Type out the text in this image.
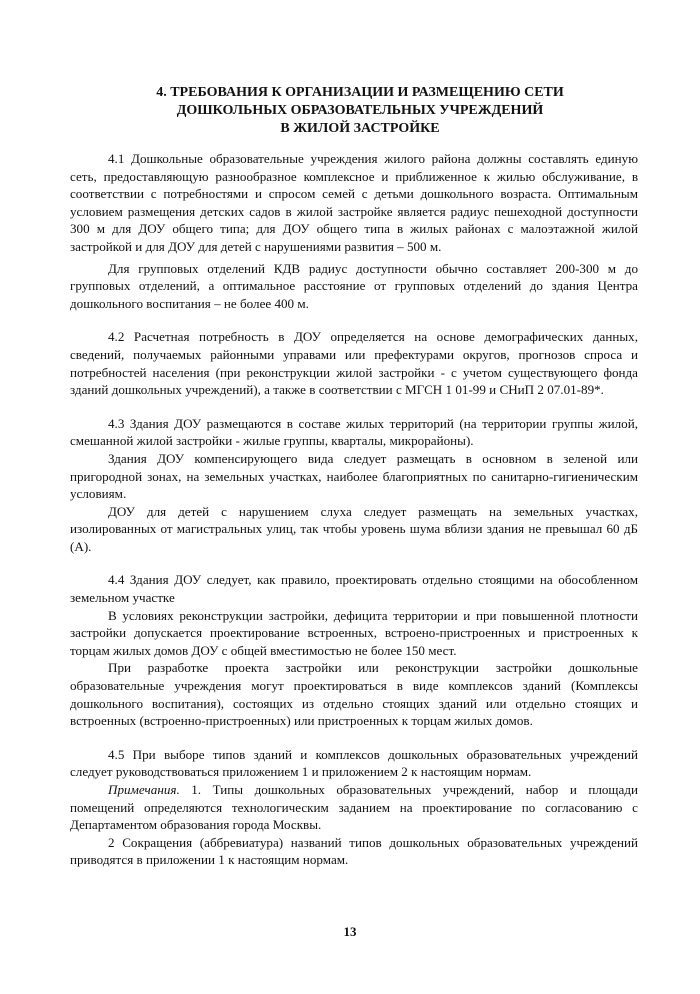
4. ТРЕБОВАНИЯ К ОРГАНИЗАЦИИ И РАЗМЕЩЕНИЮ СЕТИ
ДОШКОЛЬНЫХ ОБРАЗОВАТЕЛЬНЫХ УЧРЕЖДЕНИЙ
В ЖИЛОЙ ЗАСТРОЙКЕ

4.1 Дошкольные образовательные учреждения жилого района должны составлять единую сеть, предоставляющую разнообразное комплексное и приближенное к жилью обслуживание, в соответствии с потребностями и спросом семей с детьми дошкольного возраста. Оптимальным условием размещения детских садов в жилой застройке является радиус пешеходной доступности 300 м для ДОУ общего типа; для ДОУ общего типа в жилых районах с малоэтажной жилой застройкой и для ДОУ для детей с нарушениями развития – 500 м.

Для групповых отделений КДВ радиус доступности обычно составляет 200-300 м до групповых отделений, а оптимальное расстояние от групповых отделений до здания Центра дошкольного воспитания – не более 400 м.

4.2 Расчетная потребность в ДОУ определяется на основе демографических данных, сведений, получаемых районными управами или префектурами округов, прогнозов спроса и потребностей населения (при реконструкции жилой застройки - с учетом существующего фонда зданий дошкольных учреждений), а также в соответствии с МГСН 1 01-99 и СНиП 2 07.01-89*.

4.3 Здания ДОУ размещаются в составе жилых территорий (на территории группы жилой, смешанной жилой застройки - жилые группы, кварталы, микрорайоны).

Здания ДОУ компенсирующего вида следует размещать в основном в зеленой или пригородной зонах, на земельных участках, наиболее благоприятных по санитарно-гигиеническим условиям.

ДОУ для детей с нарушением слуха следует размещать на земельных участках, изолированных от магистральных улиц, так чтобы уровень шума вблизи здания не превышал 60 дБ (А).

4.4 Здания ДОУ следует, как правило, проектировать отдельно стоящими на обособленном земельном участке

В условиях реконструкции застройки, дефицита территории и при повышенной плотности застройки допускается проектирование встроенных, встроено-пристроенных и пристроенных к торцам жилых домов ДОУ с общей вместимостью не более 150 мест.

При разработке проекта застройки или реконструкции застройки дошкольные образовательные учреждения могут проектироваться в виде комплексов зданий (Комплексы дошкольного воспитания), состоящих из отдельно стоящих зданий или отдельно стоящих и встроенных (встроенно-пристроенных) или пристроенных к торцам жилых домов.

4.5 При выборе типов зданий и комплексов дошкольных образовательных учреждений следует руководствоваться приложением 1 и приложением 2 к настоящим нормам.

Примечания. 1. Типы дошкольных образовательных учреждений, набор и площади помещений определяются технологическим заданием на проектирование по согласованию с Департаментом образования города Москвы.

2 Сокращения (аббревиатура) названий типов дошкольных образовательных учреждений приводятся в приложении 1 к настоящим нормам.

13
